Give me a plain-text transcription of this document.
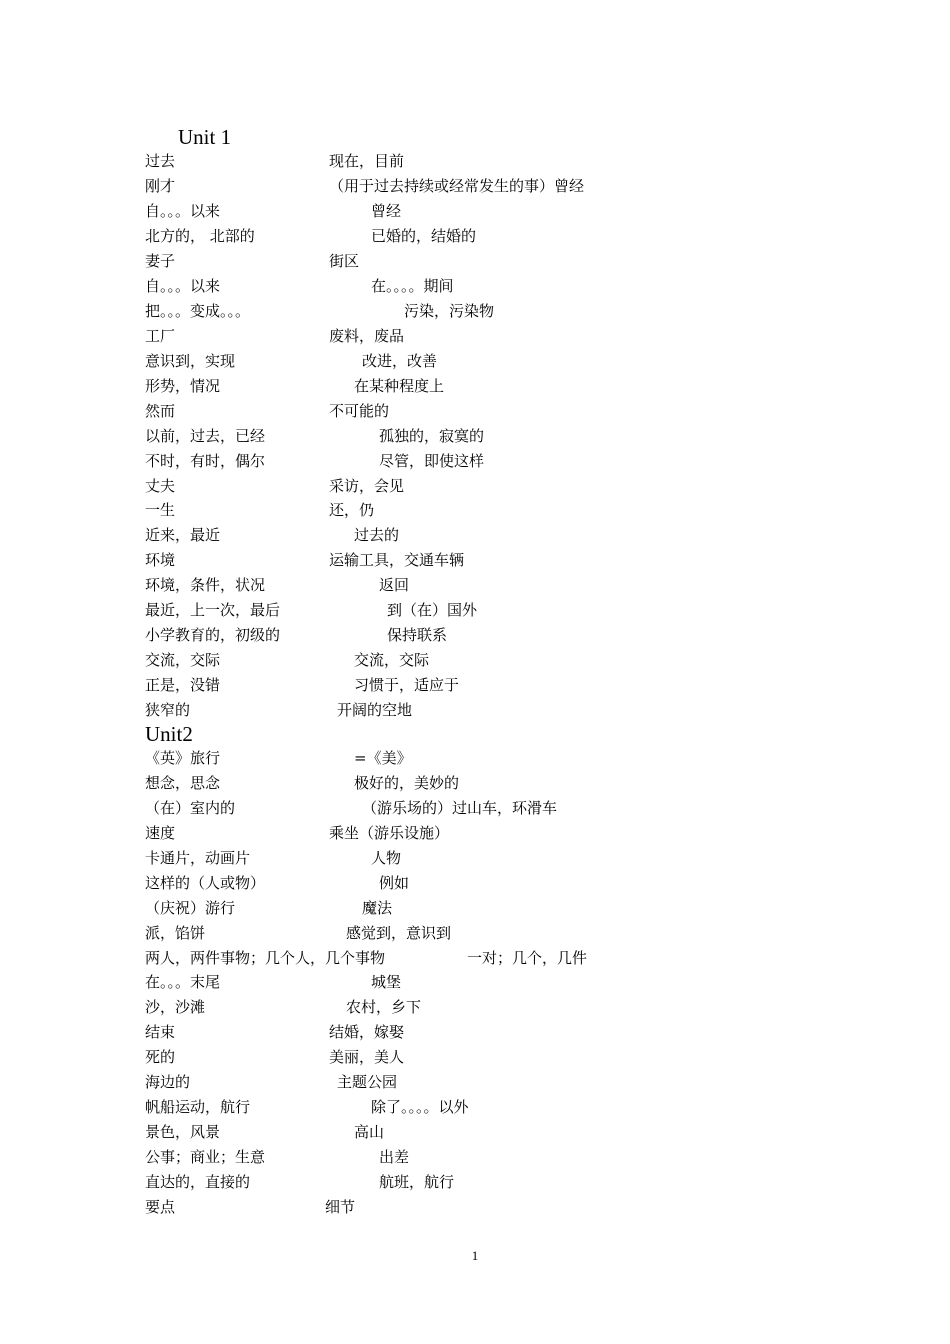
Unit 1
过去	现在，目前
刚才	（用于过去持续或经常发生的事）曾经
自。。。以来	曾经
北方的， 北部的	已婚的，结婚的
妻子	街区
自。。。以来	在。。。。期间
把。。。变成。。。	污染，污染物
工厂	废料，废品
意识到，实现	改进，改善
形势，情况	在某种程度上
然而	不可能的
以前，过去，已经	孤独的，寂寞的
不时，有时，偶尔	尽管，即使这样
丈夫	采访，会见
一生	还，仍
近来，最近	过去的
环境	运输工具，交通车辆
环境，条件，状况	返回
最近，上一次，最后	到（在）国外
小学教育的，初级的	保持联系
交流，交际	交流，交际
正是，没错	习惯于，适应于
狭窄的	开阔的空地
Unit2
《英》旅行	=《美》
想念，思念	极好的，美妙的
（在）室内的	（游乐场的）过山车，环滑车
速度	乘坐（游乐设施）
卡通片，动画片	人物
这样的（人或物）	例如
（庆祝）游行	魔法
派，馅饼	感觉到，意识到
两人，两件事物；几个人，几个事物	一对；几个，几件
在。。。末尾	城堡
沙，沙滩	农村，乡下
结束	结婚，嫁娶
死的	美丽，美人
海边的	主题公园
帆船运动，航行	除了。。。。以外
景色，风景	高山
公事；商业；生意	出差
直达的，直接的	航班，航行
要点	细节
1
